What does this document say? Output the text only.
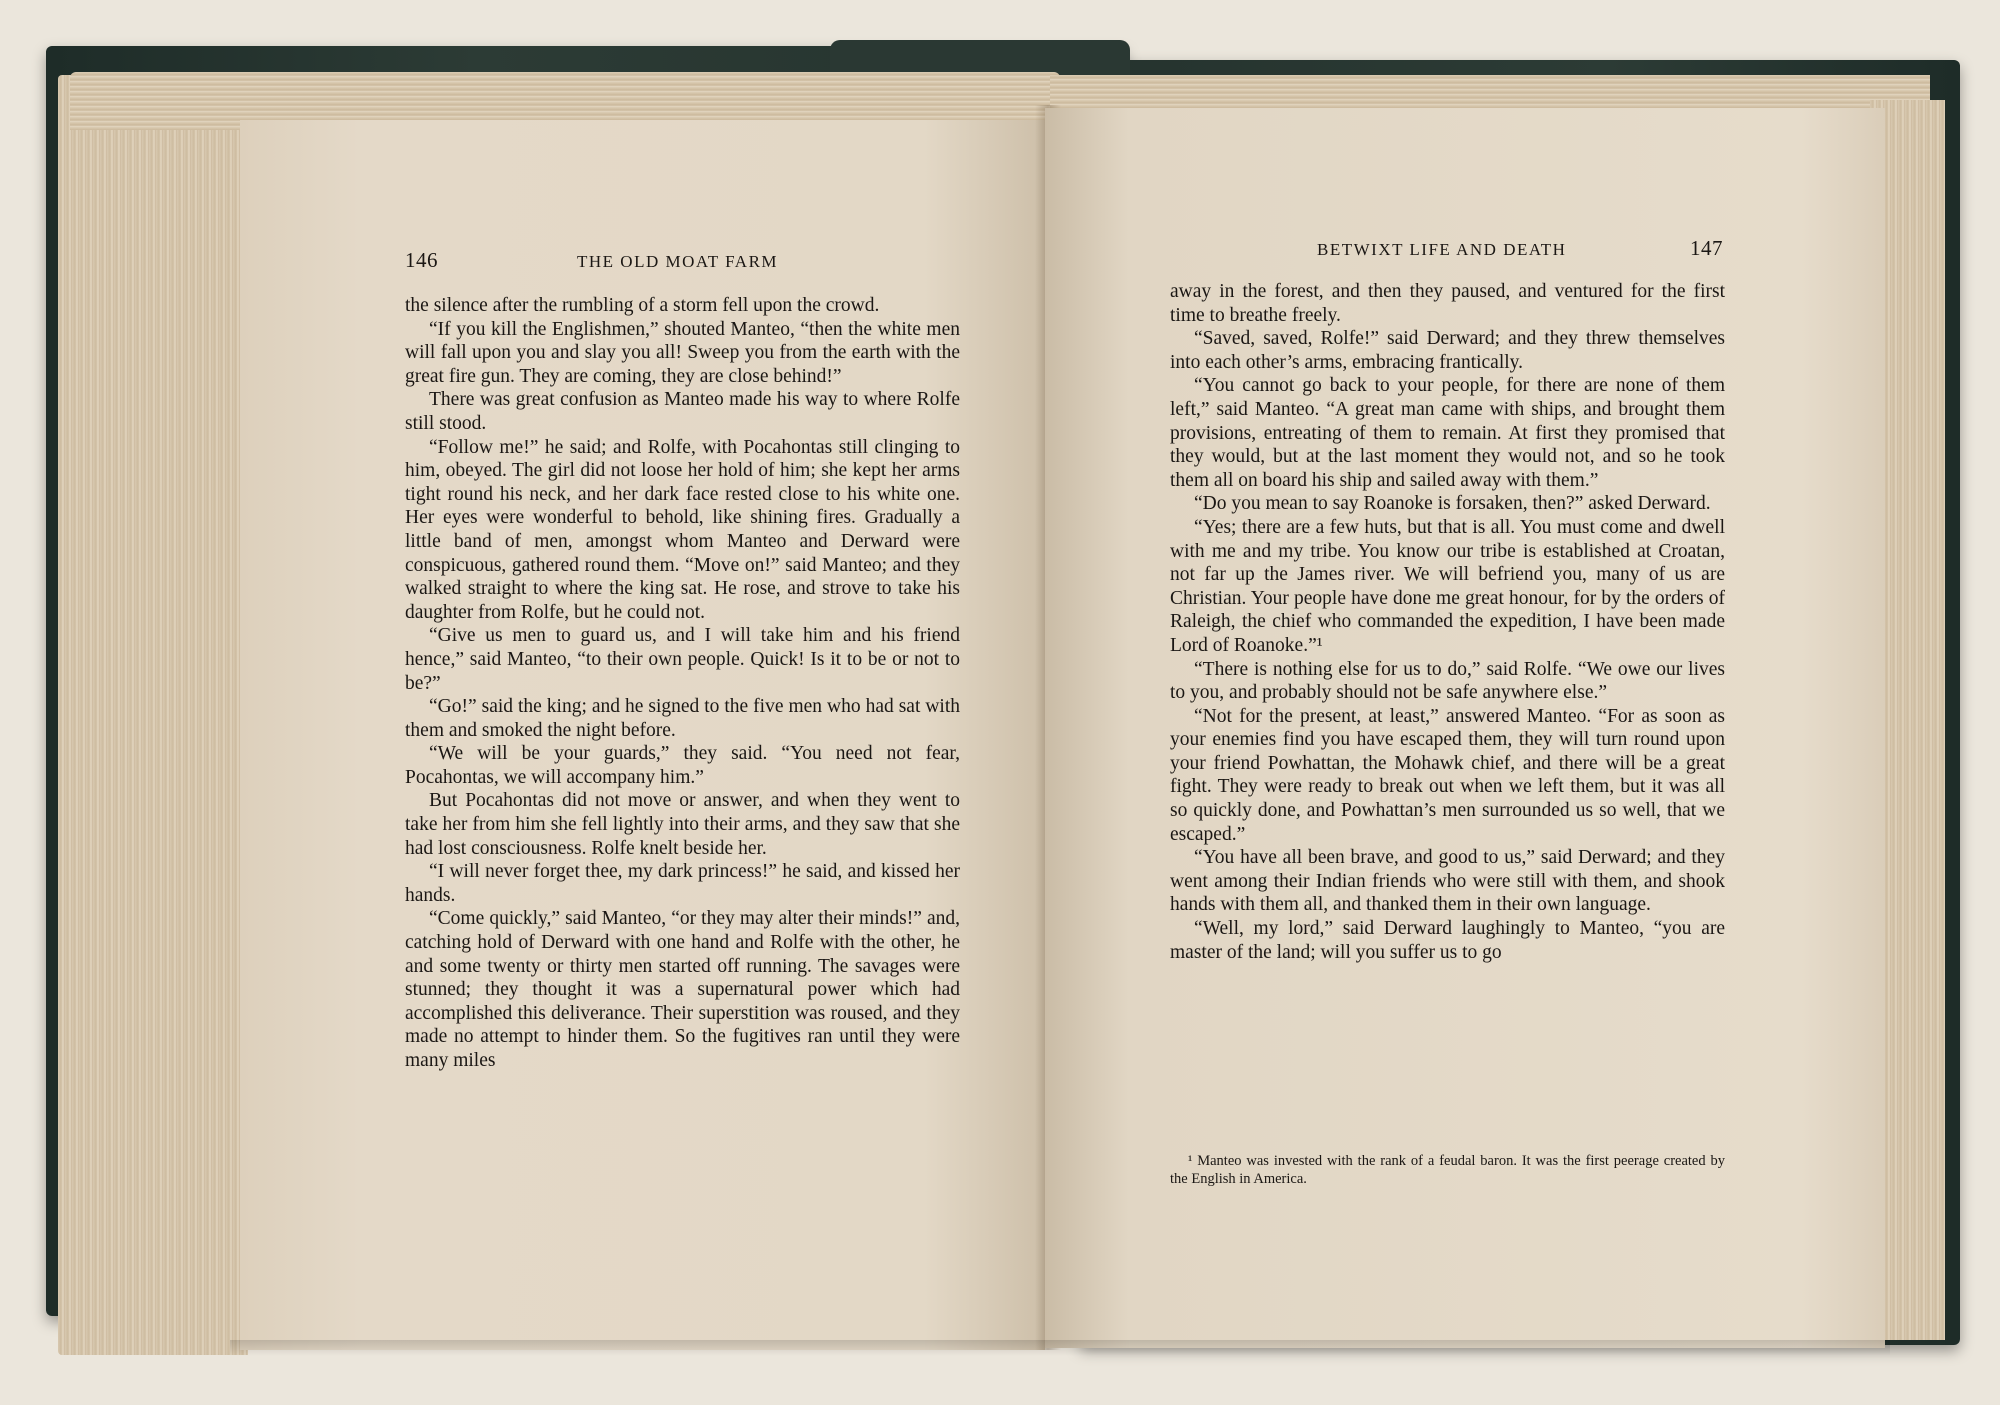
146	THE OLD MOAT FARM

the silence after the rumbling of a storm fell upon the crowd.

“If you kill the Englishmen,” shouted Manteo, “then the white men will fall upon you and slay you all! Sweep you from the earth with the great fire gun. They are coming, they are close behind!”

There was great confusion as Manteo made his way to where Rolfe still stood.

“Follow me!” he said; and Rolfe, with Pocahontas still clinging to him, obeyed. The girl did not loose her hold of him; she kept her arms tight round his neck, and her dark face rested close to his white one. Her eyes were wonderful to behold, like shining fires. Gradually a little band of men, amongst whom Manteo and Derward were conspicuous, gathered round them. “Move on!” said Manteo; and they walked straight to where the king sat. He rose, and strove to take his daughter from Rolfe, but he could not.

“Give us men to guard us, and I will take him and his friend hence,” said Manteo, “to their own people. Quick! Is it to be or not to be?”

“Go!” said the king; and he signed to the five men who had sat with them and smoked the night before.

“We will be your guards,” they said. “You need not fear, Pocahontas, we will accompany him.”

But Pocahontas did not move or answer, and when they went to take her from him she fell lightly into their arms, and they saw that she had lost consciousness. Rolfe knelt beside her.

“I will never forget thee, my dark princess!” he said, and kissed her hands.

“Come quickly,” said Manteo, “or they may alter their minds!” and, catching hold of Derward with one hand and Rolfe with the other, he and some twenty or thirty men started off running. The savages were stunned; they thought it was a supernatural power which had accomplished this deliverance. Their superstition was roused, and they made no attempt to hinder them. So the fugitives ran until they were many miles

BETWIXT LIFE AND DEATH	147

away in the forest, and then they paused, and ventured for the first time to breathe freely.

“Saved, saved, Rolfe!” said Derward; and they threw themselves into each other’s arms, embracing frantically.

“You cannot go back to your people, for there are none of them left,” said Manteo. “A great man came with ships, and brought them provisions, entreating of them to remain. At first they promised that they would, but at the last moment they would not, and so he took them all on board his ship and sailed away with them.”

“Do you mean to say Roanoke is forsaken, then?” asked Derward.

“Yes; there are a few huts, but that is all. You must come and dwell with me and my tribe. You know our tribe is established at Croatan, not far up the James river. We will befriend you, many of us are Christian. Your people have done me great honour, for by the orders of Raleigh, the chief who commanded the expedition, I have been made Lord of Roanoke.”¹

“There is nothing else for us to do,” said Rolfe. “We owe our lives to you, and probably should not be safe anywhere else.”

“Not for the present, at least,” answered Manteo. “For as soon as your enemies find you have escaped them, they will turn round upon your friend Powhattan, the Mohawk chief, and there will be a great fight. They were ready to break out when we left them, but it was all so quickly done, and Powhattan’s men surrounded us so well, that we escaped.”

“You have all been brave, and good to us,” said Derward; and they went among their Indian friends who were still with them, and shook hands with them all, and thanked them in their own language.

“Well, my lord,” said Derward laughingly to Manteo, “you are master of the land; will you suffer us to go

¹ Manteo was invested with the rank of a feudal baron. It was the first peerage created by the English in America.
